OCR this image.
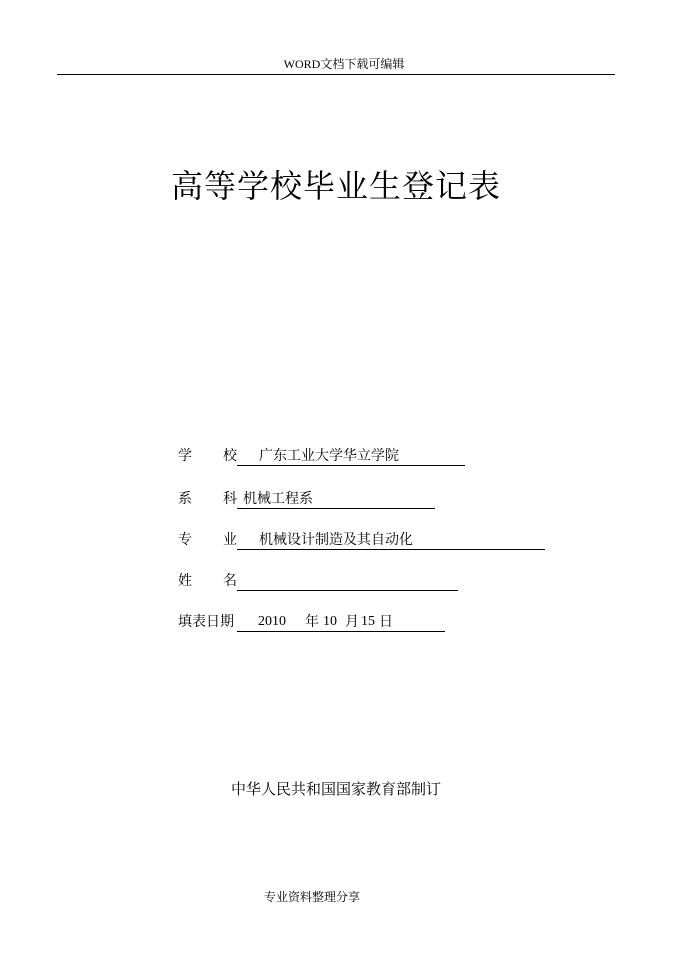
WORD文档下载可编辑
高等学校毕业生登记表
学 校 广东工业大学华立学院
系 科 机械工程系
专 业 机械设计制造及其自动化
姓 名
填表日期 2010 年 10 月 15 日
中华人民共和国国家教育部制订
专业资料整理分享
